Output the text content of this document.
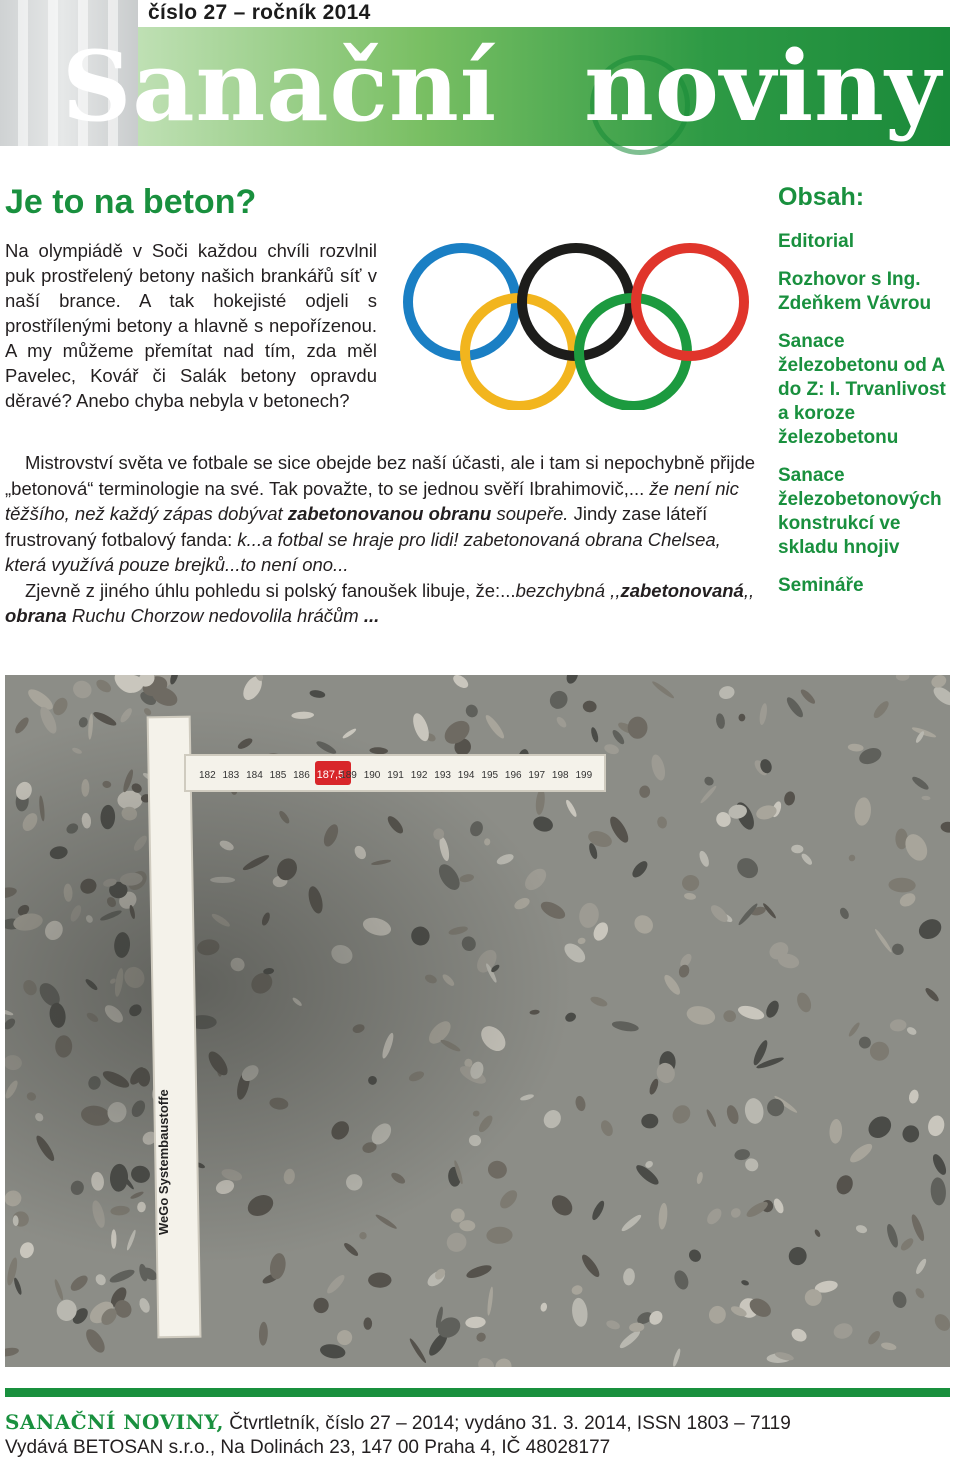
číslo 27 – ročník 2014
Sanační noviny
Je to na beton?

Na olympiádě v Soči každou chvíli rozvlnil puk prostřelený betony našich brankářů síť v naší brance. A tak hokejisté odjeli s prostřílenými betony a hlavně s nepořízenou. A my můžeme přemítat nad tím, zda měl Pavelec, Kovář či Salák betony opravdu děravé? Anebo chyba nebyla v betonech?

Mistrovství světa ve fotbale se sice obejde bez naší účasti, ale i tam si nepochybně přijde „betonová“ terminologie na své. Tak považte, to se jednou svěří Ibrahimovič,... že není nic těžšího, než každý zápas dobývat zabetonovanou obranu soupeře. Jindy zase láteří frustrovaný fotbalový fanda: k...a fotbal se hraje pro lidi! zabetonovaná obrana Chelsea, která využívá pouze brejků...to není ono...

Zjevně z jiného úhlu pohledu si polský fanoušek libuje, že:...bezchybná ,,zabetonovaná,, obrana Ruchu Chorzow nedovolila hráčům ...

Obsah:
Editorial
Rozhovor s Ing. Zdeňkem Vávrou
Sanace železobetonu od A do Z: I. Trvanlivost a koroze železobetonu
Sanace železobetonových konstrukcí ve skladu hnojiv
Semináře
182 183 184 185 186 187,5
189 190 191 192 193 194 195 196 197 198 199
WeGo Systembaustoffe
SANAČNÍ NOVINY, Čtvrtletník, číslo 27 – 2014; vydáno 31. 3. 2014, ISSN 1803 – 7119
Vydává BETOSAN s.r.o., Na Dolinách 23, 147 00 Praha 4, IČ 48028177
